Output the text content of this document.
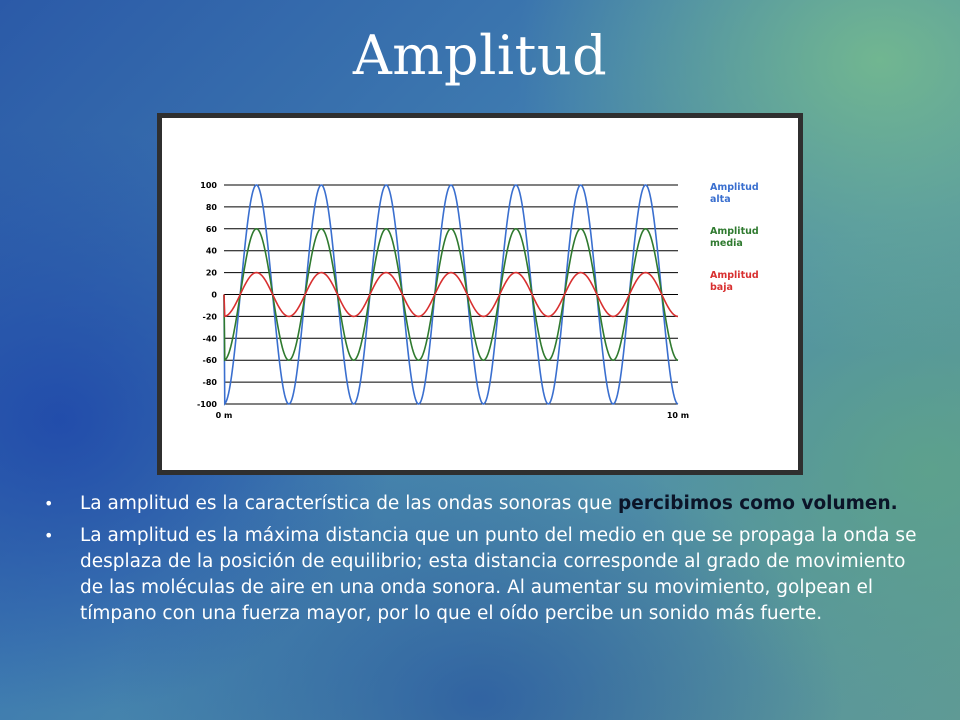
Amplitud
100
80
60
40
20
0
-20
-40
-60
-80
-100
0 m	10 m
Amplitud
alta
Amplitud
media
Amplitud
baja
• La amplitud es la característica de las ondas sonoras que percibimos como volumen.
• La amplitud es la máxima distancia que un punto del medio en que se propaga la onda se desplaza de la posición de equilibrio; esta distancia corresponde al grado de movimiento de las moléculas de aire en una onda sonora. Al aumentar su movimiento, golpean el tímpano con una fuerza mayor, por lo que el oído percibe un sonido más fuerte.
